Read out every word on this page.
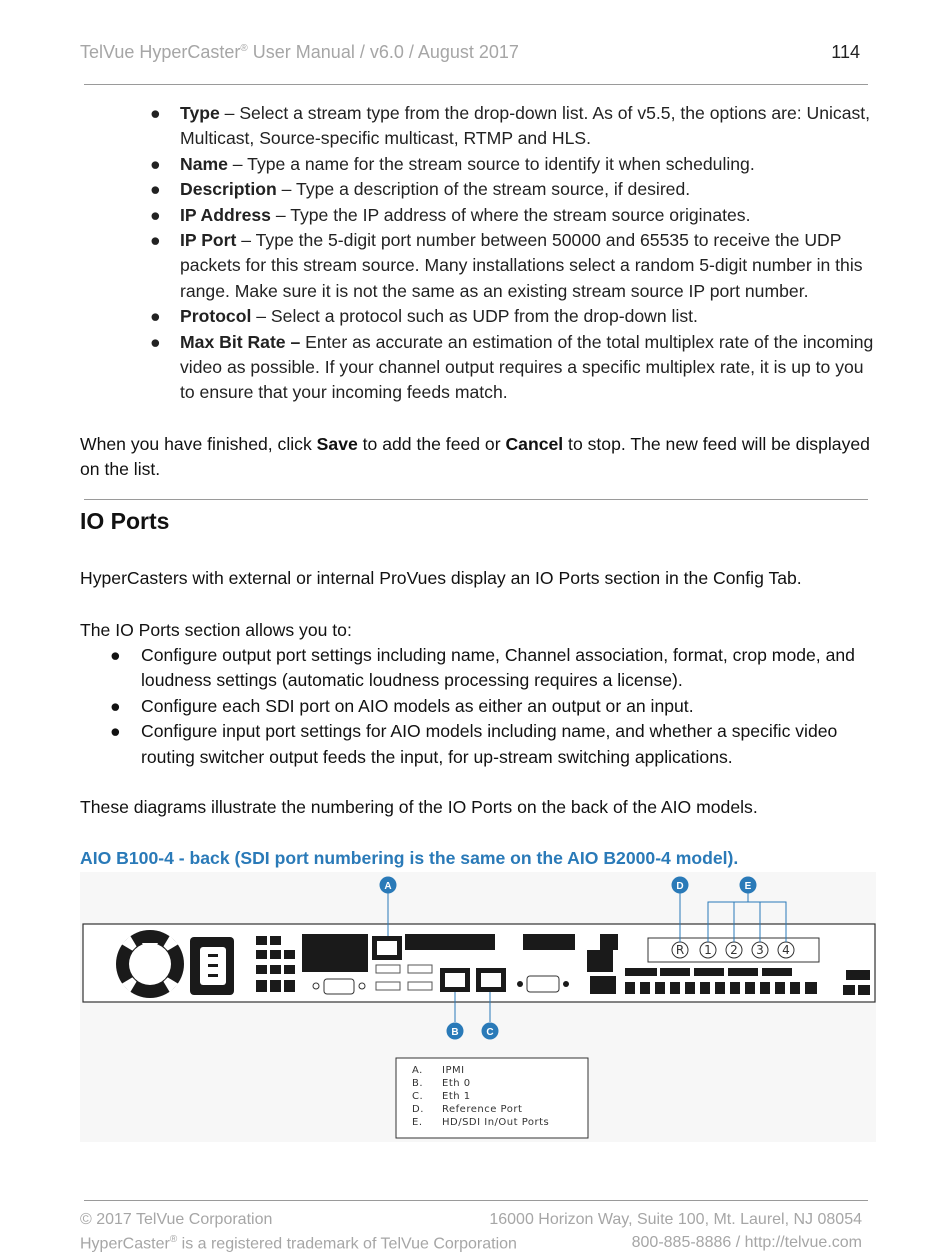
TelVue HyperCaster® User Manual / v6.0 / August 2017	114
● Type – Select a stream type from the drop-down list. As of v5.5, the options are: Unicast, Multicast, Source-specific multicast, RTMP and HLS.
● Name – Type a name for the stream source to identify it when scheduling.
● Description – Type a description of the stream source, if desired.
● IP Address – Type the IP address of where the stream source originates.
● IP Port – Type the 5-digit port number between 50000 and 65535 to receive the UDP packets for this stream source. Many installations select a random 5-digit number in this range. Make sure it is not the same as an existing stream source IP port number.
● Protocol – Select a protocol such as UDP from the drop-down list.
● Max Bit Rate – Enter as accurate an estimation of the total multiplex rate of the incoming video as possible. If your channel output requires a specific multiplex rate, it is up to you to ensure that your incoming feeds match.

When you have finished, click Save to add the feed or Cancel to stop. The new feed will be displayed on the list.

IO Ports

HyperCasters with external or internal ProVues display an IO Ports section in the Config Tab.

The IO Ports section allows you to:

● Configure output port settings including name, Channel association, format, crop mode, and loudness settings (automatic loudness processing requires a license).
● Configure each SDI port on AIO models as either an output or an input.
● Configure input port settings for AIO models including name, and whether a specific video routing switcher output feeds the input, for up-stream switching applications.

These diagrams illustrate the numbering of the IO Ports on the back of the AIO models.

AIO B100-4 - back (SDI port numbering is the same on the AIO B2000-4 model).
R 1 2 3 4
A	D	E
B	C
A. IPMI
B. Eth 0
C. Eth 1
D. Reference Port
E. HD/SDI In/Out Ports
© 2017 TelVue Corporation	16000 Horizon Way, Suite 100, Mt. Laurel, NJ 08054
HyperCaster® is a registered trademark of TelVue Corporation	800-885-8886 / http://telvue.com
